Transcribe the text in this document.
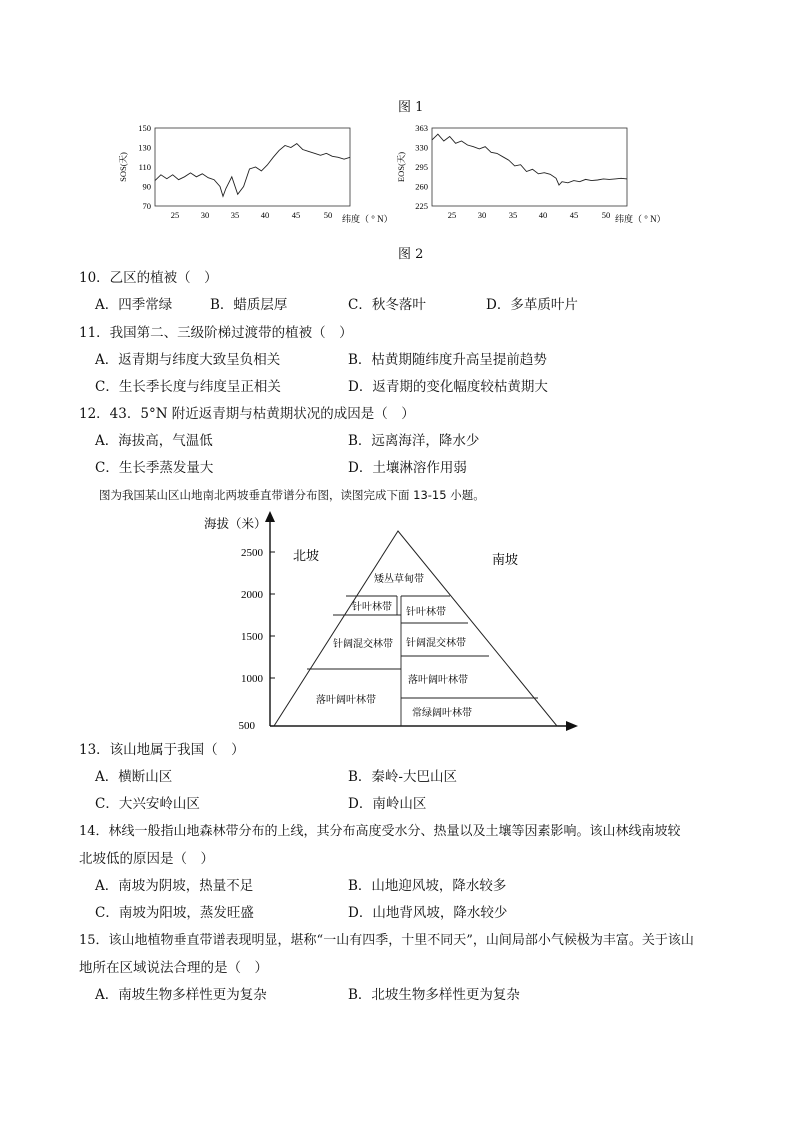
图 1
SOS(天)
150
130
110
90
70
25	30	35	40	45	50 纬度（ ° N）
EOS(天)
363
330
295
260
225
25	30	35	40	45	50 纬度（ ° N）
图 2
10．乙区的植被（　）
A．四季常绿	B．蜡质层厚	C．秋冬落叶	D．多革质叶片
11．我国第二、三级阶梯过渡带的植被（　）
A．返青期与纬度大致呈负相关	B．枯黄期随纬度升高呈提前趋势
C．生长季长度与纬度呈正相关	D．返青期的变化幅度较枯黄期大
12．43．5°N 附近返青期与枯黄期状况的成因是（　）
A．海拔高，气温低	B．远离海洋，降水少
C．生长季蒸发量大	D．土壤淋溶作用弱
图为我国某山区山地南北两坡垂直带谱分布图，读图完成下面 13-15 小题。
海拔（米）
2500
2000
1500
1000
500
北坡	南坡
矮丛草甸带
针叶林带 针叶林带
针阔混交林带 针阔混交林带
落叶阔叶林带
落叶阔叶林带
常绿阔叶林带
13．该山地属于我国（　）
A．横断山区	B．秦岭-大巴山区
C．大兴安岭山区	D．南岭山区
14．林线一般指山地森林带分布的上线，其分布高度受水分、热量以及土壤等因素影响。该山林线南坡较
北坡低的原因是（　）
A．南坡为阴坡，热量不足	B．山地迎风坡，降水较多
C．南坡为阳坡，蒸发旺盛	D．山地背风坡，降水较少
15．该山地植物垂直带谱表现明显，堪称“一山有四季，十里不同天”，山间局部小气候极为丰富。关于该山
地所在区域说法合理的是（　）
A．南坡生物多样性更为复杂	B．北坡生物多样性更为复杂
